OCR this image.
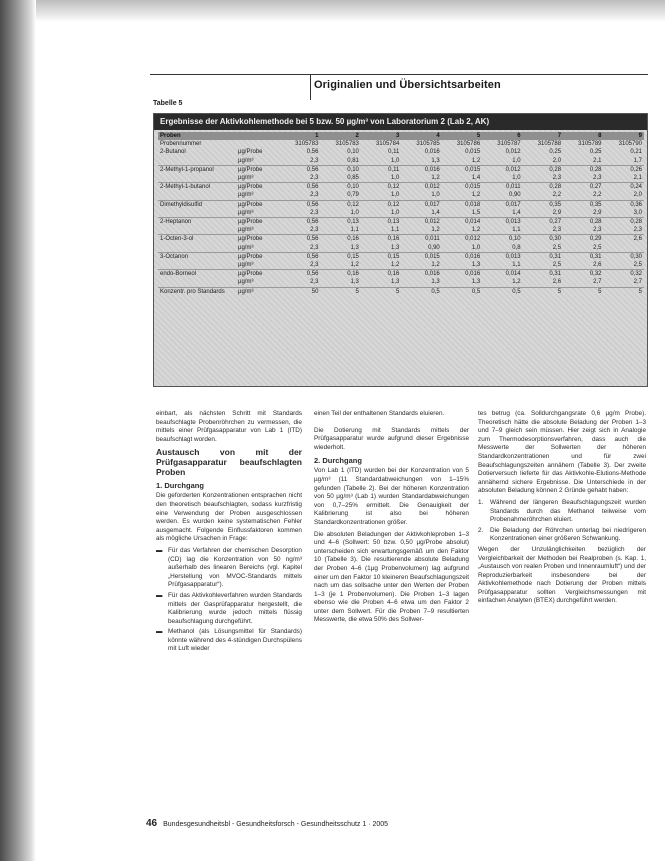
Originalien und Übersichtsarbeiten
Tabelle 5
Ergebnisse der Aktivkohlemethode bei 5 bzw. 50 µg/m³ von Laboratorium 2 (Lab 2, AK)
Proben		1	2	3	4	5	6	7	8	9
Probennummer		3105783	3105783	3105784	3105785	3105786	3105787	3105788	3105789	3105790
2-Butanol	µg/Probe	0,56	0,10	0,11	0,016	0,015	0,012	0,25	0,25	0,21
	µg/m³	2,3	0,81	1,0	1,3	1,2	1,0	2,0	2,1	1,7
2-Methyl-1-propanol	µg/Probe	0,56	0,10	0,11	0,016	0,015	0,012	0,28	0,28	0,26
	µg/m³	2,3	0,85	1,0	1,2	1,4	1,0	2,3	2,3	2,1
2-Methyl-1-butanol	µg/Probe	0,56	0,10	0,12	0,012	0,015	0,011	0,28	0,27	0,24
	µg/m³	2,3	0,79	1,0	1,0	1,2	0,90	2,2	2,2	2,0
Dimethyldisulfid	µg/Probe	0,56	0,12	0,12	0,017	0,018	0,017	0,35	0,35	0,36
	µg/m³	2,3	1,0	1,0	1,4	1,5	1,4	2,9	2,9	3,0
2-Heptanon	µg/Probe	0,56	0,13	0,13	0,012	0,014	0,013	0,27	0,28	0,28
	µg/m³	2,3	1,1	1,1	1,2	1,2	1,1	2,3	2,3	2,3
1-Octen-3-ol	µg/Probe	0,56	0,16	0,16	0,011	0,012	0,10	0,30	0,29	2,6
	µg/m³	2,3	1,3	1,3	0,90	1,0	0,8	2,5	2,5	
3-Octanon	µg/Probe	0,56	0,15	0,15	0,015	0,016	0,013	0,31	0,31	0,30
	µg/m³	2,3	1,2	1,2	1,2	1,3	1,1	2,5	2,6	2,5
endo-Borneol	µg/Probe	0,56	0,16	0,16	0,016	0,016	0,014	0,31	0,32	0,32
	µg/m³	2,3	1,3	1,3	1,3	1,3	1,2	2,6	2,7	2,7
Konzentr. pro Standards	µg/m³	50	5	5	0,5	0,5	0,5	5	5	5

einbart, als nächsten Schritt mit Standards beaufschlagte Probenröhrchen zu vermessen, die mittels einer Prüfgasapparatur von Lab 1 (ITD) beaufschlagt worden.

Austausch von mit der Prüfgasapparatur beaufschlagten Proben
1. Durchgang

Die geforderten Konzentrationen entsprachen nicht den theoretisch beaufschlagten, sodass kurzfristig eine Verwendung der Proben ausgeschlossen werden. Es wurden keine systematischen Fehler ausgemacht. Folgende Einflussfaktoren kommen als mögliche Ursachen in Frage:

▬ Für das Verfahren der chemischen Desorption (CD) lag die Konzentration von 50 ng/m³ außerhalb des linearen Bereichs (vgl. Kapitel „Herstellung von MVOC-Standards mittels Prüfgasapparatur“).
▬ Für das Aktivkohleverfahren wurden Standards mittels der Gasprüfapparatur hergestellt, die Kalibrierung wurde jedoch mittels flüssig beaufschlagung durchgeführt.
▬ Methanol (als Lösungsmittel für Standards) könnte während des 4-stündigen Durchspülens mit Luft wieder

einen Teil der enthaltenen Standards eluieren.

Die Dotierung mit Standards mittels der Prüfgasapparatur wurde aufgrund dieser Ergebnisse wiederholt.

2. Durchgang

Von Lab 1 (ITD) wurden bei der Konzentration von 5 µg/m³ (11 Standardabweichungen von 1–15% gefunden (Tabelle 2). Bei der höheren Konzentration von 50 µg/m³ (Lab 1) wurden Standardabweichungen von 0,7–25% ermittelt. Die Genauigkeit der Kalibrierung ist also bei höheren Standardkonzentrationen größer.

Die absoluten Beladungen der Aktivkohleproben 1–3 und 4–6 (Sollwert: 50 bzw. 0,50 µg/Probe absolut) unterscheiden sich erwartungsgemäß um den Faktor 10 (Tabelle 3). Die resultierende absolute Beladung der Proben 4–6 (1µg Probenvolumen) lag aufgrund einer um den Faktor 10 kleineren Beaufschlagungszeit nach um das sollsache unter den Werten der Proben 1–3 (je 1 Probenvolumen). Die Proben 1–3 lagen ebenso wie die Proben 4–6 etwa um den Faktor 2 unter dem Sollwert. Für die Proben 7–9 resultierten Messwerte, die etwa 50% des Sollwer-

tes betrug (ca. Solldurchgangsrate 0,6 µg/m Probe). Theoretisch hätte die absolute Beladung der Proben 1–3 und 7–9 gleich sein müssen. Hier zeigt sich in Analogie zum Thermodesorptionsverfahren, dass auch die Messwerte der Sollwerten der höheren Standardkonzentrationen und für zwei Beaufschlagungszeiten annähern (Tabelle 3). Der zweite Dotierversuch lieferte für das Aktivkohle-Elutions-Methode annähernd sichere Ergebnisse. Die Unterschiede in der absoluten Beladung können 2 Gründe gehabt haben:

1. Während der längeren Beaufschlagungszeit wurden Standards durch das Methanol teilweise vom Probenahmeröhrchen eluiert.
2. Die Beladung der Röhrchen unterlag bei niedrigeren Konzentrationen einer größeren Schwankung.

Wegen der Unzulänglichkeiten bezüglich der Vergleichbarkeit der Methoden bei Realproben (s. Kap. 1, „Austausch von realen Proben und Innenraumluft“) und der Reproduzierbarkeit insbesondere bei der Aktivkohlemethode nach Dotierung der Proben mittels Prüfgasapparatur sollten Vergleichsmessungen mit einfachen Analyten (BTEX) durchgeführt werden.

46 Bundesgesundheitsbl - Gesundheitsforsch - Gesundheitsschutz 1 · 2005
